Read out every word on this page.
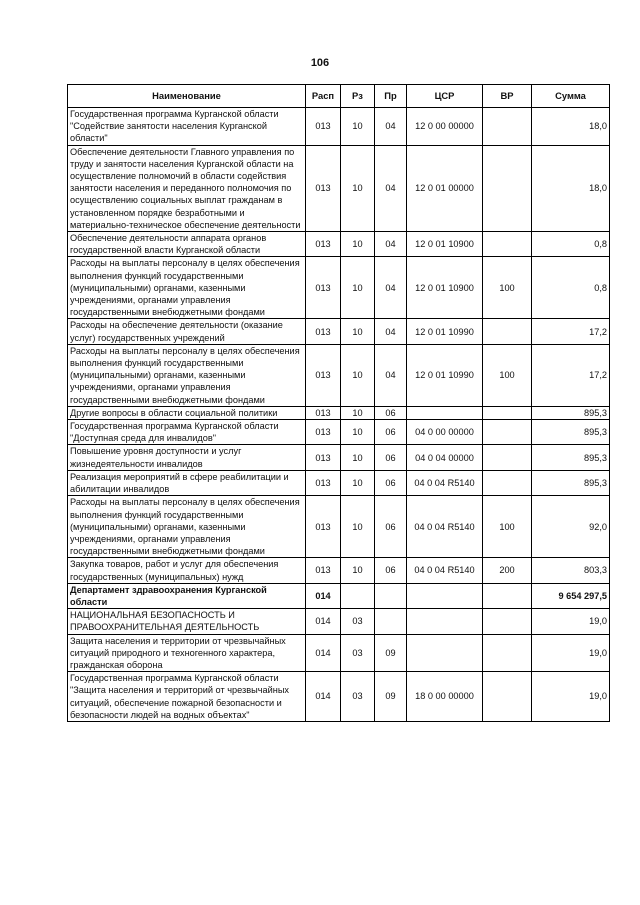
106
Наименование	Расп	Рз	Пр	ЦСР	ВР	Сумма
Государственная программа Курганской области "Содействие занятости населения Курганской области"	013	10	04	12 0 00 00000		18,0
Обеспечение деятельности Главного управления по труду и занятости населения Курганской области на осуществление полномочий в области содействия занятости населения и переданного полномочия по осуществлению социальных выплат гражданам в установленном порядке безработными и материально-техническое обеспечение деятельности	013	10	04	12 0 01 00000		18,0
Обеспечение деятельности аппарата органов государственной власти Курганской области	013	10	04	12 0 01 10900		0,8
Расходы на выплаты персоналу в целях обеспечения выполнения функций государственными (муниципальными) органами, казенными учреждениями, органами управления государственными внебюджетными фондами	013	10	04	12 0 01 10900	100	0,8
Расходы на обеспечение деятельности (оказание услуг) государственных учреждений	013	10	04	12 0 01 10990		17,2
Расходы на выплаты персоналу в целях обеспечения выполнения функций государственными (муниципальными) органами, казенными учреждениями, органами управления государственными внебюджетными фондами	013	10	04	12 0 01 10990	100	17,2
Другие вопросы в области социальной политики	013	10	06			895,3
Государственная программа Курганской области "Доступная среда для инвалидов"	013	10	06	04 0 00 00000		895,3
Повышение уровня доступности и услуг жизнедеятельности инвалидов	013	10	06	04 0 04 00000		895,3
Реализация мероприятий в сфере реабилитации и абилитации инвалидов	013	10	06	04 0 04 R5140		895,3
Расходы на выплаты персоналу в целях обеспечения выполнения функций государственными (муниципальными) органами, казенными учреждениями, органами управления государственными внебюджетными фондами	013	10	06	04 0 04 R5140	100	92,0
Закупка товаров, работ и услуг для обеспечения государственных (муниципальных) нужд	013	10	06	04 0 04 R5140	200	803,3
Департамент здравоохранения Курганской области	014					9 654 297,5
НАЦИОНАЛЬНАЯ БЕЗОПАСНОСТЬ И ПРАВООХРАНИТЕЛЬНАЯ ДЕЯТЕЛЬНОСТЬ	014	03				19,0
Защита населения и территории от чрезвычайных ситуаций природного и техногенного характера, гражданская оборона	014	03	09			19,0
Государственная программа Курганской области "Защита населения и территорий от чрезвычайных ситуаций, обеспечение пожарной безопасности и безопасности людей на водных объектах"	014	03	09	18 0 00 00000		19,0
